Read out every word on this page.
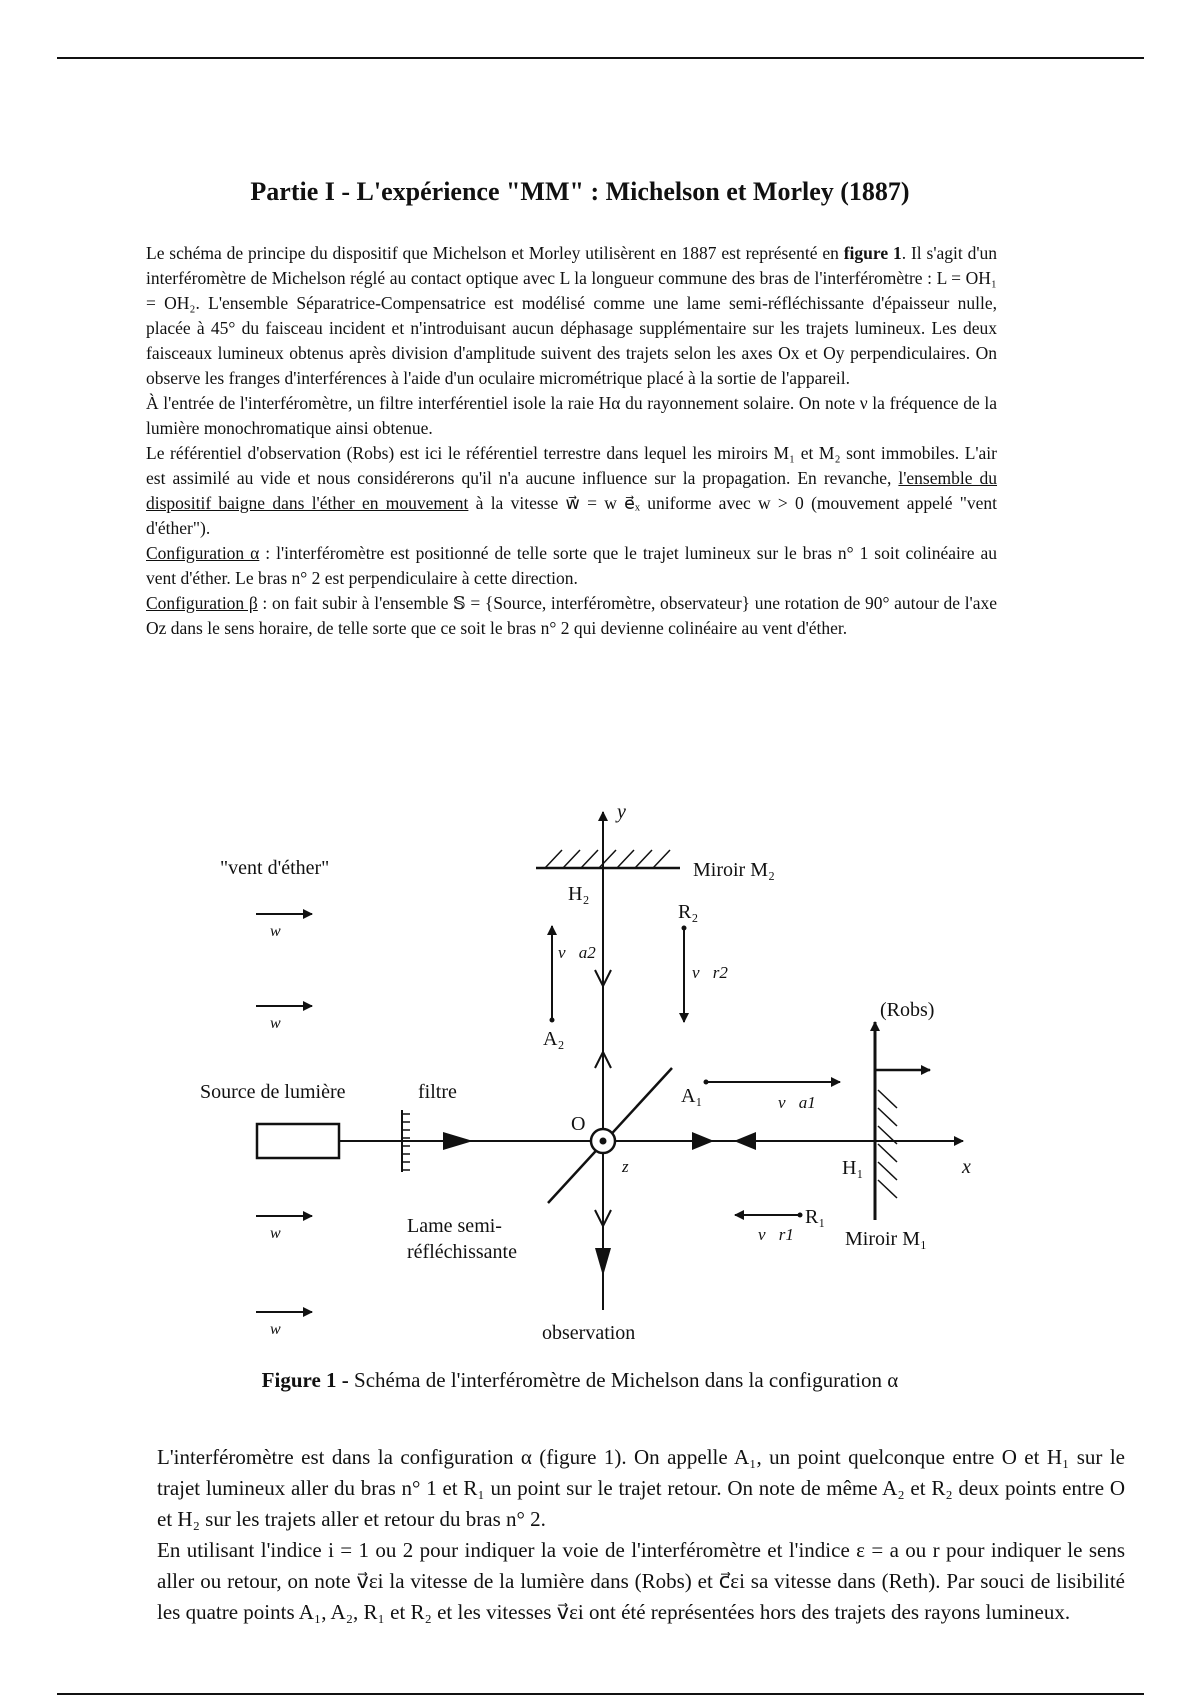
Partie I - L'expérience "MM" : Michelson et Morley (1887)

Le schéma de principe du dispositif que Michelson et Morley utilisèrent en 1887 est représenté en figure 1. Il s'agit d'un interféromètre de Michelson réglé au contact optique avec L la longueur commune des bras de l'interféromètre : L = OH₁ = OH₂. L'ensemble Séparatrice-Compensatrice est modélisé comme une lame semi-réfléchissante d'épaisseur nulle, placée à 45° du faisceau incident et n'introduisant aucun déphasage supplémentaire sur les trajets lumineux. Les deux faisceaux lumineux obtenus après division d'amplitude suivent des trajets selon les axes Ox et Oy perpendiculaires. On observe les franges d'interférences à l'aide d'un oculaire micrométrique placé à la sortie de l'appareil.

À l'entrée de l'interféromètre, un filtre interférentiel isole la raie Hα du rayonnement solaire. On note ν la fréquence de la lumière monochromatique ainsi obtenue.

Le référentiel d'observation (Robs) est ici le référentiel terrestre dans lequel les miroirs M₁ et M₂ sont immobiles. L'air est assimilé au vide et nous considérerons qu'il n'a aucune influence sur la propagation. En revanche, l'ensemble du dispositif baigne dans l'éther en mouvement à la vitesse w⃗ = w e⃗ₓ uniforme avec w > 0 (mouvement appelé "vent d'éther").

Configuration α : l'interféromètre est positionné de telle sorte que le trajet lumineux sur le bras n° 1 soit colinéaire au vent d'éther. Le bras n° 2 est perpendiculaire à cette direction.

Configuration β : on fait subir à l'ensemble 𝕊 = {Source, interféromètre, observateur} une rotation de 90° autour de l'axe Oz dans le sens horaire, de telle sorte que ce soit le bras n° 2 qui devienne colinéaire au vent d'éther.

"vent d'éther"
w⃗
w⃗
w⃗
w⃗
Source de lumière	filtre
x
y
O
z
Miroir M₂
H₂
v⃗a2
A₂
R₂
v⃗r2
A₁	v⃗a1
R₁
v⃗r1
(Robs)
H₁
Miroir M₁
Lame semi-
réfléchissante
observation
Figure 1 - Schéma de l'interféromètre de Michelson dans la configuration α

L'interféromètre est dans la configuration α (figure 1). On appelle A₁, un point quelconque entre O et H₁ sur le trajet lumineux aller du bras n° 1 et R₁ un point sur le trajet retour. On note de même A₂ et R₂ deux points entre O et H₂ sur les trajets aller et retour du bras n° 2.

En utilisant l'indice i = 1 ou 2 pour indiquer la voie de l'interféromètre et l'indice ε = a ou r pour indiquer le sens aller ou retour, on note v⃗εi la vitesse de la lumière dans (Robs) et c⃗εi sa vitesse dans (Reth). Par souci de lisibilité les quatre points A₁, A₂, R₁ et R₂ et les vitesses v⃗εi ont été représentées hors des trajets des rayons lumineux.
